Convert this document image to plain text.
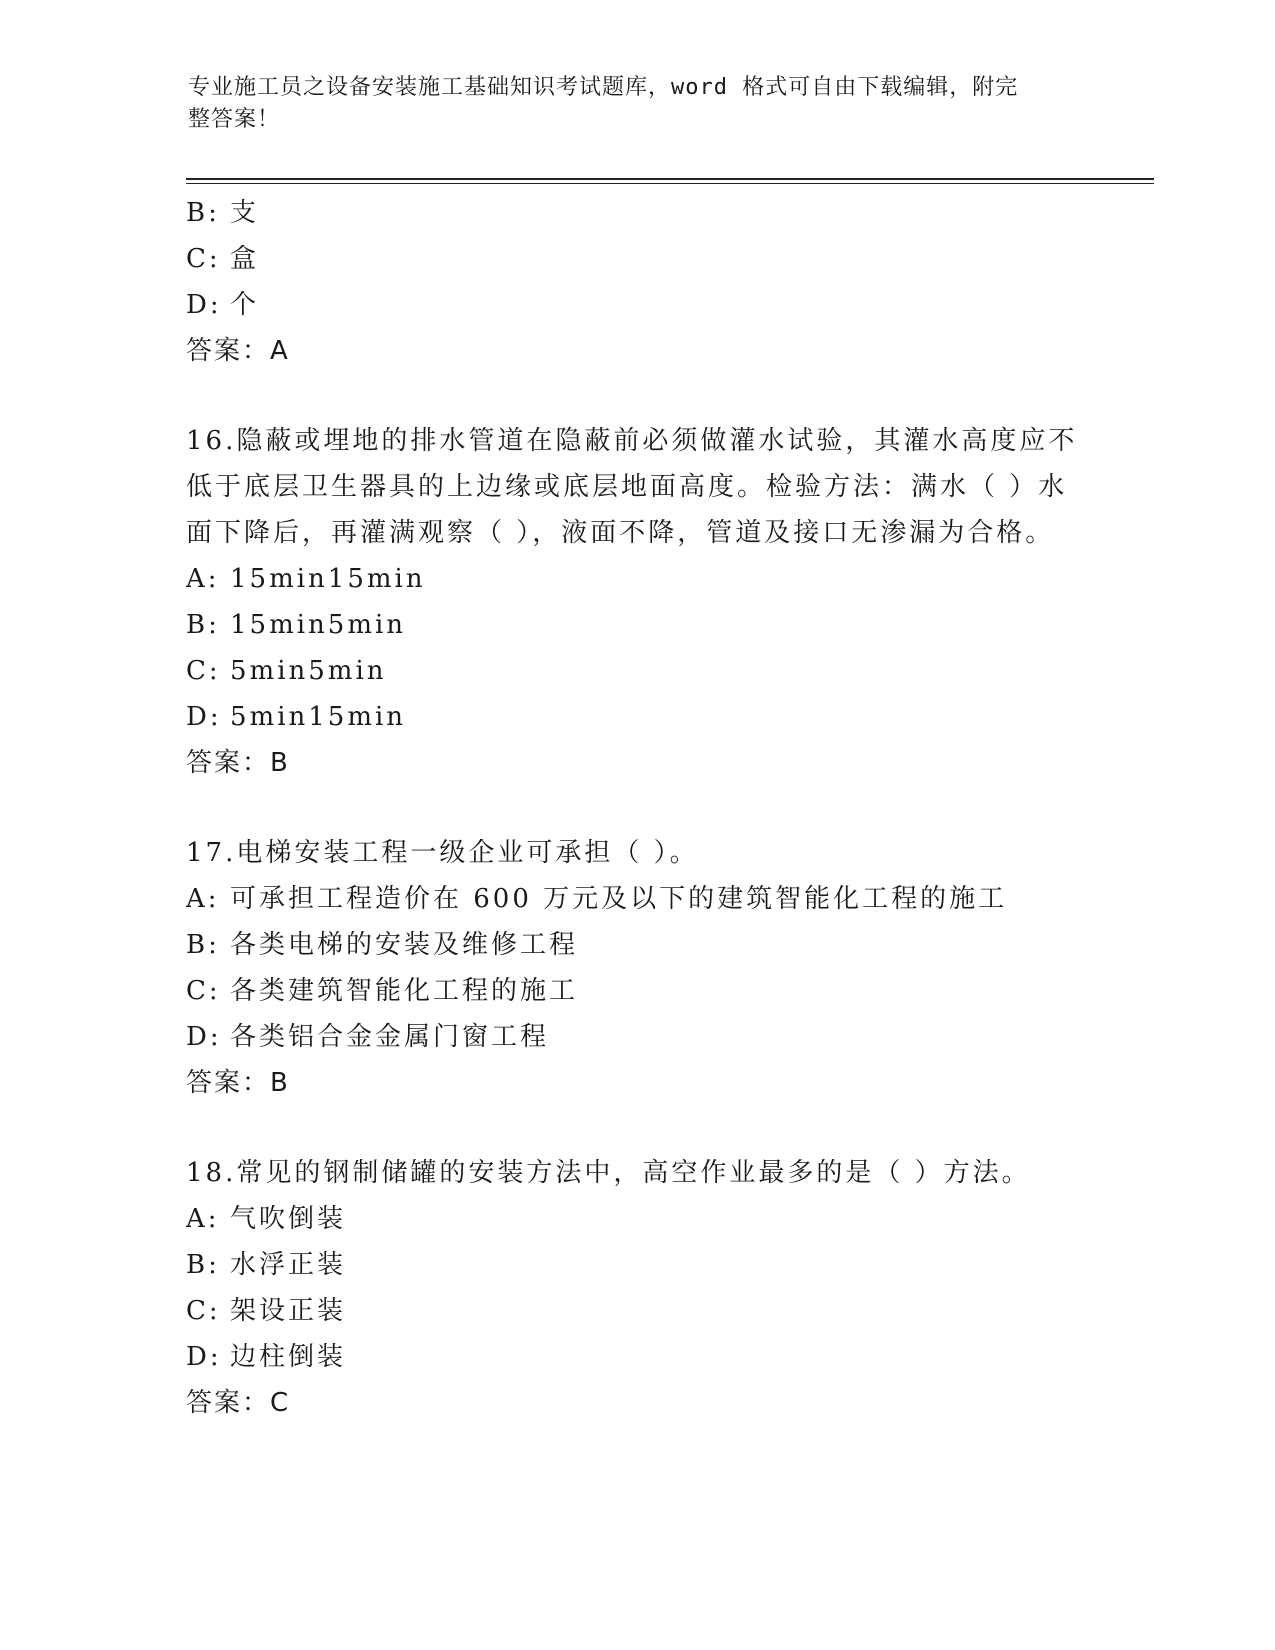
专业施工员之设备安装施工基础知识考试题库，word 格式可自由下载编辑，附完
整答案！
B: 支
C: 盒
D: 个
答案：A
16.隐蔽或埋地的排水管道在隐蔽前必须做灌水试验，其灌水高度应不
低于底层卫生器具的上边缘或底层地面高度。检验方法：满水（ ）水
面下降后，再灌满观察（ ），液面不降，管道及接口无渗漏为合格。
A: 15min15min
B: 15min5min
C: 5min5min
D: 5min15min
答案：B
17.电梯安装工程一级企业可承担（ ）。
A: 可承担工程造价在 600 万元及以下的建筑智能化工程的施工
B: 各类电梯的安装及维修工程
C: 各类建筑智能化工程的施工
D: 各类铝合金金属门窗工程
答案：B
18.常见的钢制储罐的安装方法中，高空作业最多的是（ ）方法。
A: 气吹倒装
B: 水浮正装
C: 架设正装
D: 边柱倒装
答案：C
